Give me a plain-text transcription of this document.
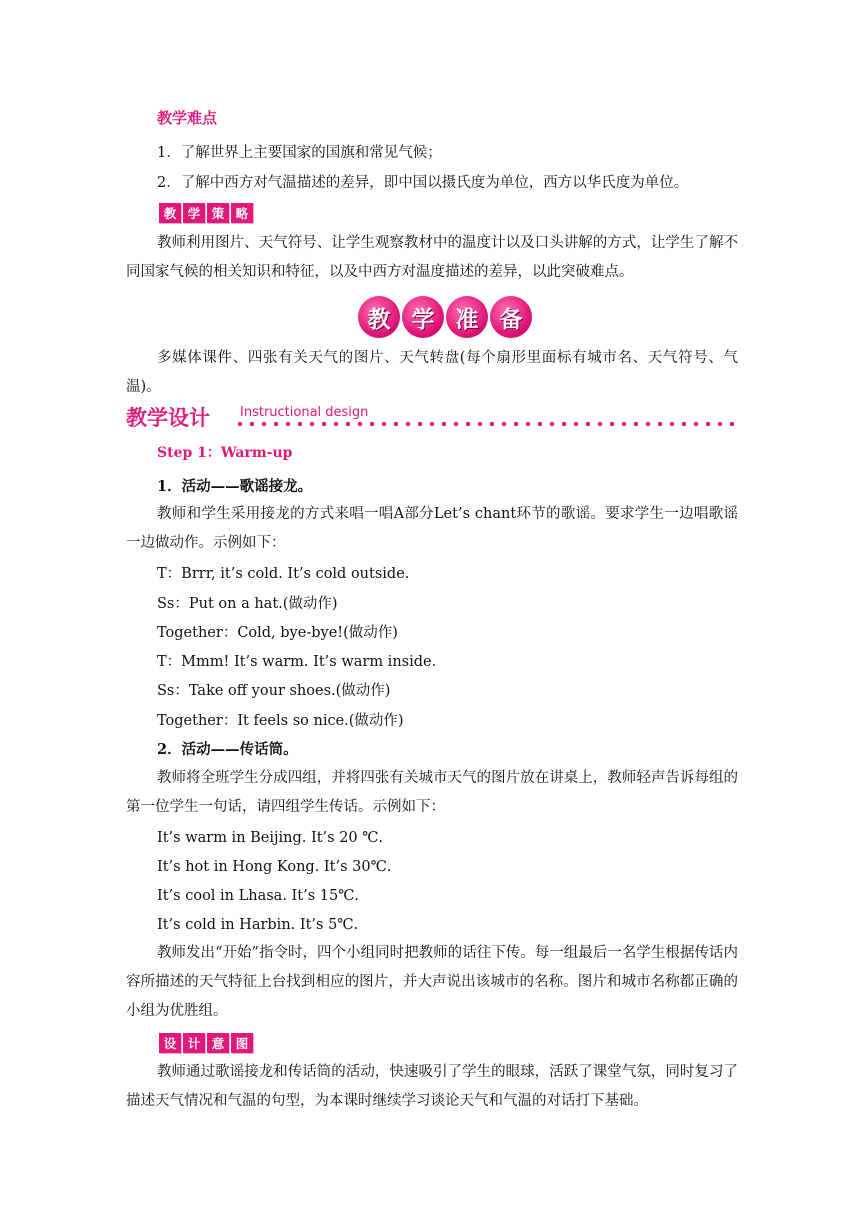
教学难点
1．了解世界上主要国家的国旗和常见气候；
2．了解中西方对气温描述的差异，即中国以摄氏度为单位，西方以华氏度为单位。
教 学 策 略
教师利用图片、天气符号、让学生观察教材中的温度计以及口头讲解的方式，让学生了解不同国家气候的相关知识和特征，以及中西方对温度描述的差异，以此突破难点。
教 学 准 备
多媒体课件、四张有关天气的图片、天气转盘(每个扇形里面标有城市名、天气符号、气温)。
教学设计 Instructional design
Step 1：Warm-up
1．活动——歌谣接龙。
教师和学生采用接龙的方式来唱一唱A部分Let’s chant环节的歌谣。要求学生一边唱歌谣一边做动作。示例如下：
T：Brrr, it’s cold. It’s cold outside.
Ss：Put on a hat.(做动作)
Together：Cold, bye-bye!(做动作)
T：Mmm! It’s warm. It’s warm inside.
Ss：Take off your shoes.(做动作)
Together：It feels so nice.(做动作)
2．活动——传话筒。
教师将全班学生分成四组，并将四张有关城市天气的图片放在讲桌上，教师轻声告诉每组的第一位学生一句话，请四组学生传话。示例如下：
It’s warm in Beijing. It’s 20 ℃.
It’s hot in Hong Kong. It’s 30℃.
It’s cool in Lhasa. It’s 15℃.
It’s cold in Harbin. It’s 5℃.
教师发出“开始”指令时，四个小组同时把教师的话往下传。每一组最后一名学生根据传话内容所描述的天气特征上台找到相应的图片，并大声说出该城市的名称。图片和城市名称都正确的小组为优胜组。
设 计 意 图
教师通过歌谣接龙和传话筒的活动，快速吸引了学生的眼球，活跃了课堂气氛，同时复习了描述天气情况和气温的句型，为本课时继续学习谈论天气和气温的对话打下基础。
